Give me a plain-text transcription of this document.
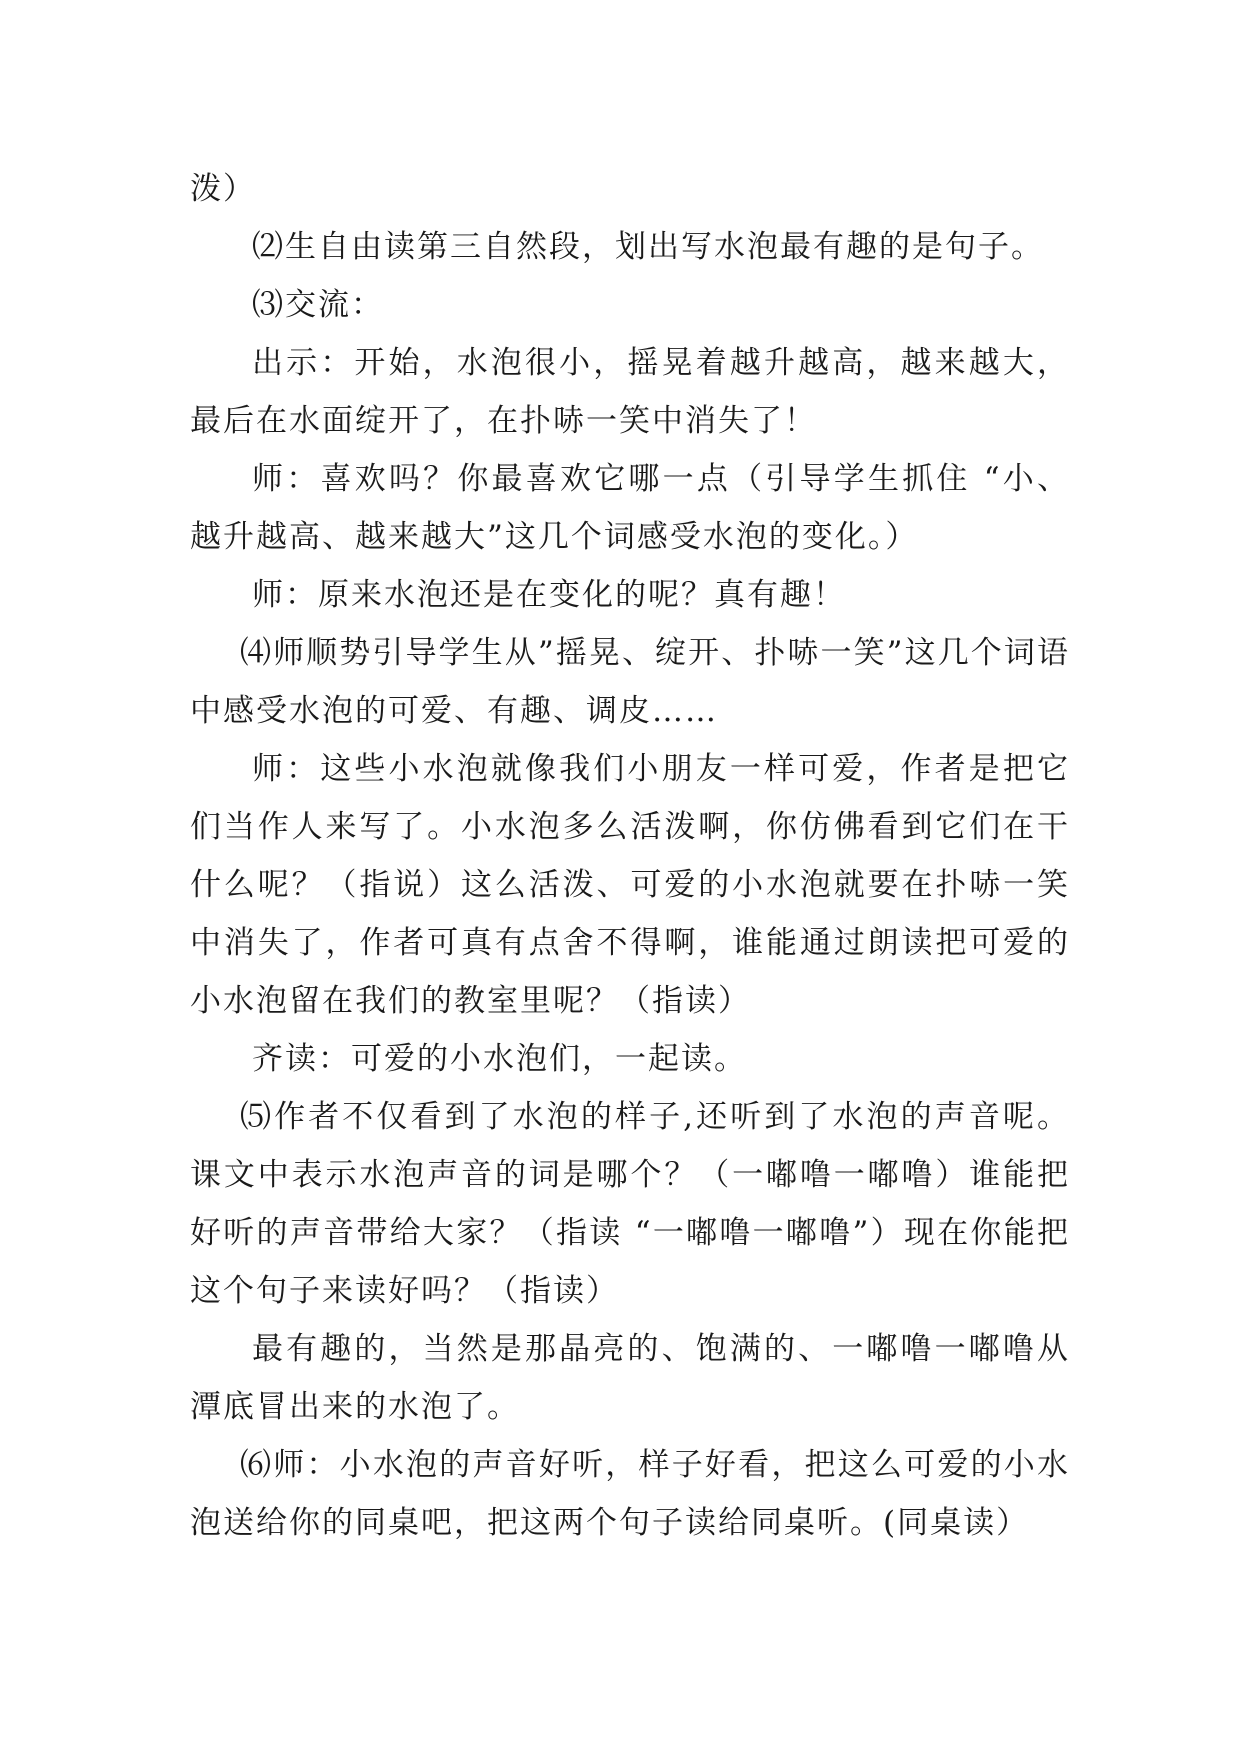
泼）

⑵生自由读第三自然段，划出写水泡最有趣的是句子。

⑶交流：

出示：开始，水泡很小，摇晃着越升越高，越来越大，最后在水面绽开了，在扑哧一笑中消失了！

师：喜欢吗？你最喜欢它哪一点（引导学生抓住 “小、越升越高、越来越大”这几个词感受水泡的变化。）

师：原来水泡还是在变化的呢？真有趣！

⑷师顺势引导学生从”摇晃、绽开、扑哧一笑”这几个词语中感受水泡的可爱、有趣、调皮……

师：这些小水泡就像我们小朋友一样可爱，作者是把它们当作人来写了。小水泡多么活泼啊，你仿佛看到它们在干什么呢？（指说）这么活泼、可爱的小水泡就要在扑哧一笑中消失了，作者可真有点舍不得啊，谁能通过朗读把可爱的小水泡留在我们的教室里呢？（指读）

齐读：可爱的小水泡们，一起读。

⑸作者不仅看到了水泡的样子,还听到了水泡的声音呢。课文中表示水泡声音的词是哪个？（一嘟噜一嘟噜）谁能把好听的声音带给大家？（指读 “一嘟噜一嘟噜”）现在你能把这个句子来读好吗？（指读）

最有趣的，当然是那晶亮的、饱满的、一嘟噜一嘟噜从潭底冒出来的水泡了。

⑹师：小水泡的声音好听，样子好看，把这么可爱的小水泡送给你的同桌吧，把这两个句子读给同桌听。(同桌读）
